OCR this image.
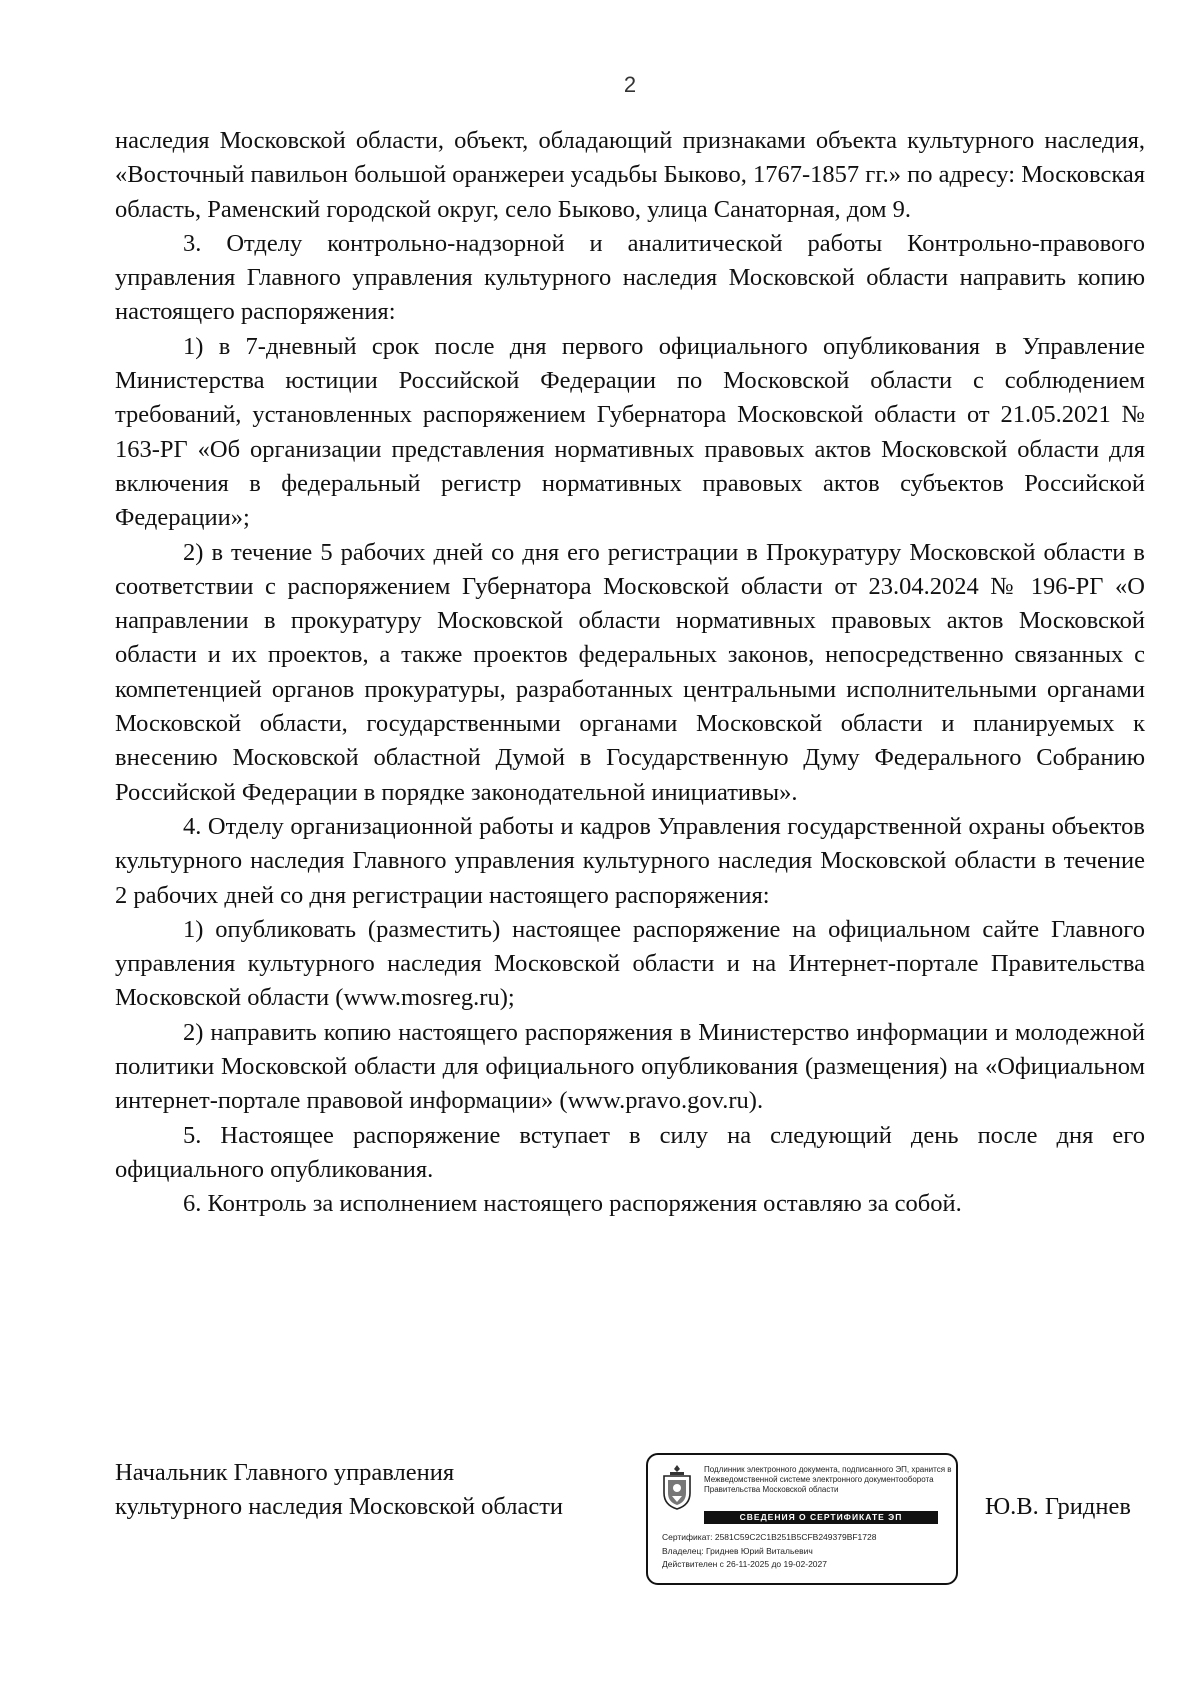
2

наследия Московской области, объект, обладающий признаками объекта культурного наследия, «Восточный павильон большой оранжереи усадьбы Быково, 1767-1857 гг.» по адресу: Московская область, Раменский городской округ, село Быково, улица Санаторная, дом 9.

3. Отделу контрольно-надзорной и аналитической работы Контрольно-правового управления Главного управления культурного наследия Московской области направить копию настоящего распоряжения:

1) в 7-дневный срок после дня первого официального опубликования в Управление Министерства юстиции Российской Федерации по Московской области с соблюдением требований, установленных распоряжением Губернатора Московской области от 21.05.2021 № 163-РГ «Об организации представления нормативных правовых актов Московской области для включения в федеральный регистр нормативных правовых актов субъектов Российской Федерации»;

2) в течение 5 рабочих дней со дня его регистрации в Прокуратуру Московской области в соответствии с распоряжением Губернатора Московской области от 23.04.2024 № 196-РГ «О направлении в прокуратуру Московской области нормативных правовых актов Московской области и их проектов, а также проектов федеральных законов, непосредственно связанных с компетенцией органов прокуратуры, разработанных центральными исполнительными органами Московской области, государственными органами Московской области и планируемых к внесению Московской областной Думой в Государственную Думу Федерального Собранию Российской Федерации в порядке законодательной инициативы».

4. Отделу организационной работы и кадров Управления государственной охраны объектов культурного наследия Главного управления культурного наследия Московской области в течение 2 рабочих дней со дня регистрации настоящего распоряжения:

1) опубликовать (разместить) настоящее распоряжение на официальном сайте Главного управления культурного наследия Московской области и на Интернет-портале Правительства Московской области (www.mosreg.ru);

2) направить копию настоящего распоряжения в Министерство информации и молодежной политики Московской области для официального опубликования (размещения) на «Официальном интернет-портале правовой информации» (www.pravo.gov.ru).

5. Настоящее распоряжение вступает в силу на следующий день после дня его официального опубликования.

6. Контроль за исполнением настоящего распоряжения оставляю за собой.

Начальник Главного управления
культурного наследия Московской области
Подлинник электронного документа, подписанного ЭП, хранится в Межведомственной системе электронного документооборота Правительства Московской области
СВЕДЕНИЯ О СЕРТИФИКАТЕ ЭП
Сертификат: 2581C59C2C1B251B5CFB249379BF1728
Владелец: Гриднев Юрий Витальевич
Действителен с 26-11-2025 до 19-02-2027
Ю.В. Гриднев
